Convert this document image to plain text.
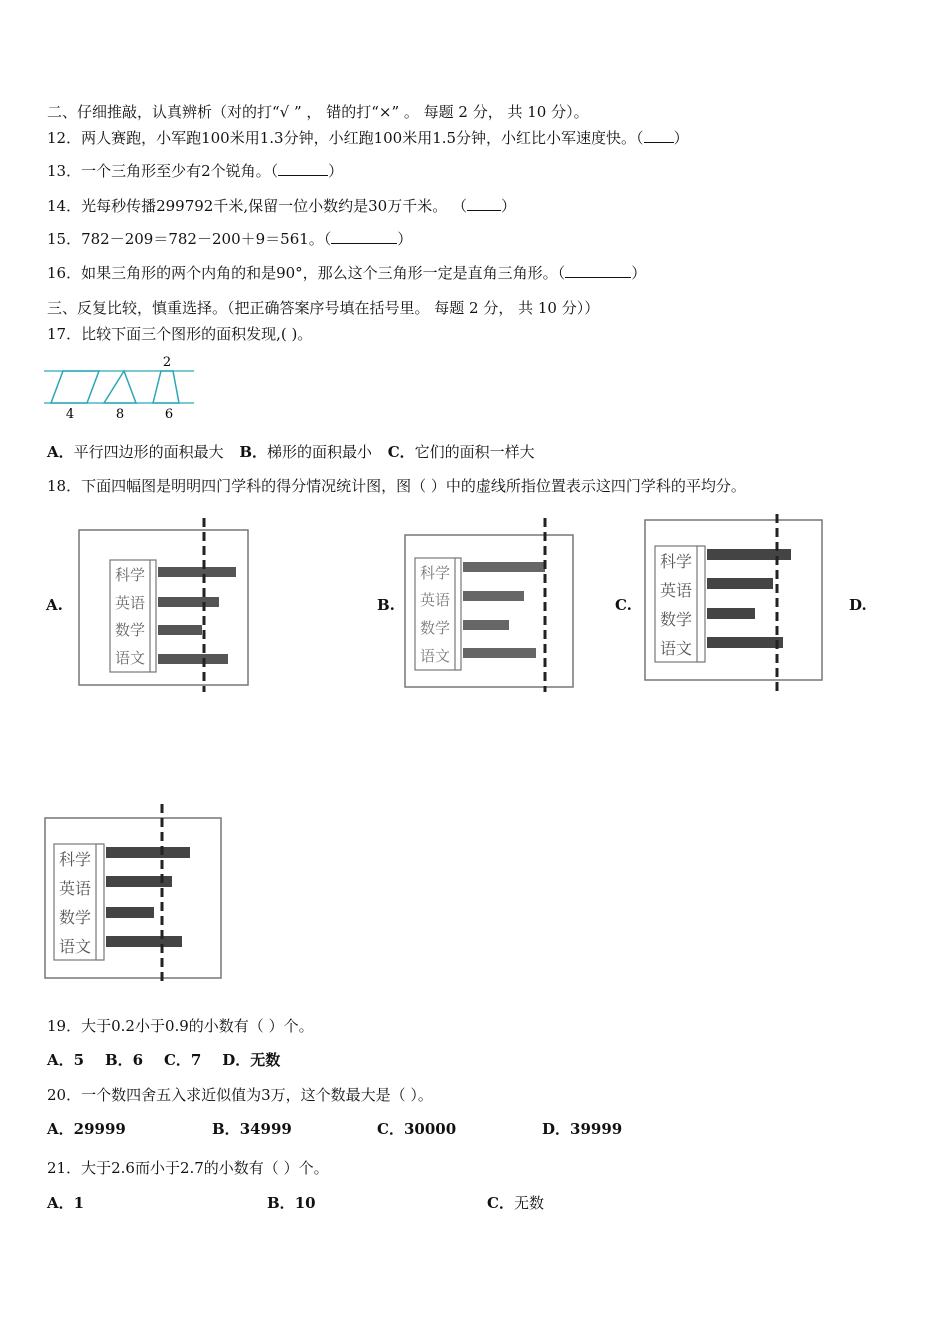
二、仔细推敲，认真辨析（对的打“√ ” ， 错的打“×” 。 每题 2 分， 共 10 分）。
12．两人赛跑，小军跑100米用1.3分钟，小红跑100米用1.5分钟，小红比小军速度快。（ ）
13．一个三角形至少有2个锐角。（	）
14．光每秒传播299792千米,保留一位小数约是30万千米。 （ ）
15．782－209＝782－200＋9＝561。（	）
16．如果三角形的两个内角的和是90°，那么这个三角形一定是直角三角形。（	）
三、反复比较，慎重选择。（把正确答案序号填在括号里。 每题 2 分， 共 10 分））
17．比较下面三个图形的面积发现,( )。
2
4	8	6
A．平行四边形的面积最大 B．梯形的面积最小 C．它们的面积一样大
18．下面四幅图是明明四门学科的得分情况统计图，图（ ）中的虚线所指位置表示这四门学科的平均分。
A.	B.	C.	D.
科学
英语
数学
语文
科学
英语
数学
语文
科学
英语
数学
语文
科学
英语
数学
语文
19．大于0.2小于0.9的小数有（ ）个。
A．5    B．6    C．7    D．无数
20．一个数四舍五入求近似值为3万，这个数最大是（ ）。
A．29999	B．34999	C．30000	D．39999
21．大于2.6而小于2.7的小数有（ ）个。
A．1	B．10	C．无数
